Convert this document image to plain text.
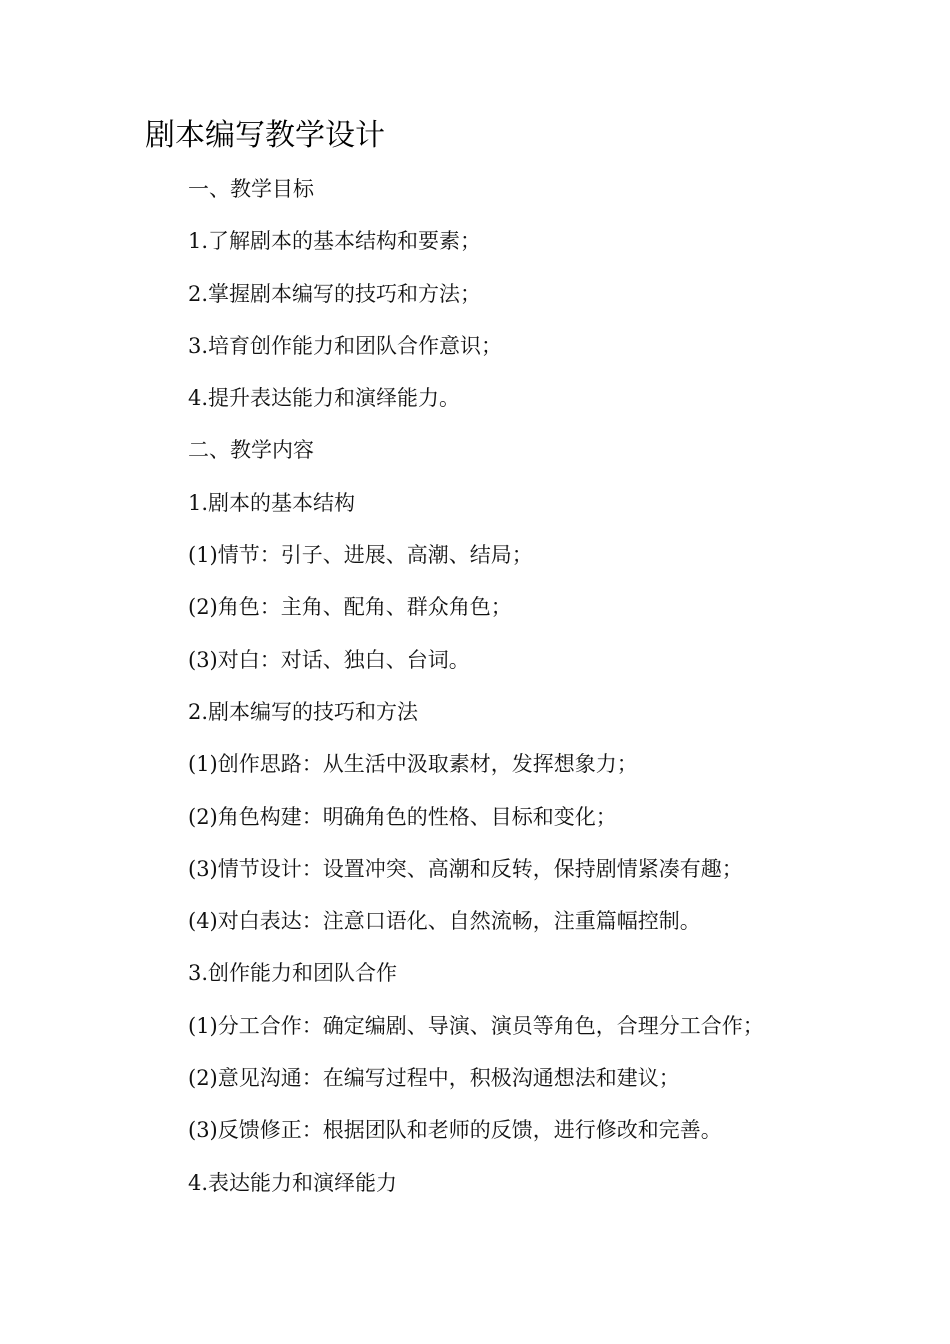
剧本编写教学设计

一、教学目标

1.了解剧本的基本结构和要素；

2.掌握剧本编写的技巧和方法；

3.培育创作能力和团队合作意识；

4.提升表达能力和演绎能力。

二、教学内容

1.剧本的基本结构

(1)情节：引子、进展、高潮、结局；

(2)角色：主角、配角、群众角色；

(3)对白：对话、独白、台词。

2.剧本编写的技巧和方法

(1)创作思路：从生活中汲取素材，发挥想象力；

(2)角色构建：明确角色的性格、目标和变化；

(3)情节设计：设置冲突、高潮和反转，保持剧情紧凑有趣；

(4)对白表达：注意口语化、自然流畅，注重篇幅控制。

3.创作能力和团队合作

(1)分工合作：确定编剧、导演、演员等角色，合理分工合作；

(2)意见沟通：在编写过程中，积极沟通想法和建议；

(3)反馈修正：根据团队和老师的反馈，进行修改和完善。

4.表达能力和演绎能力
